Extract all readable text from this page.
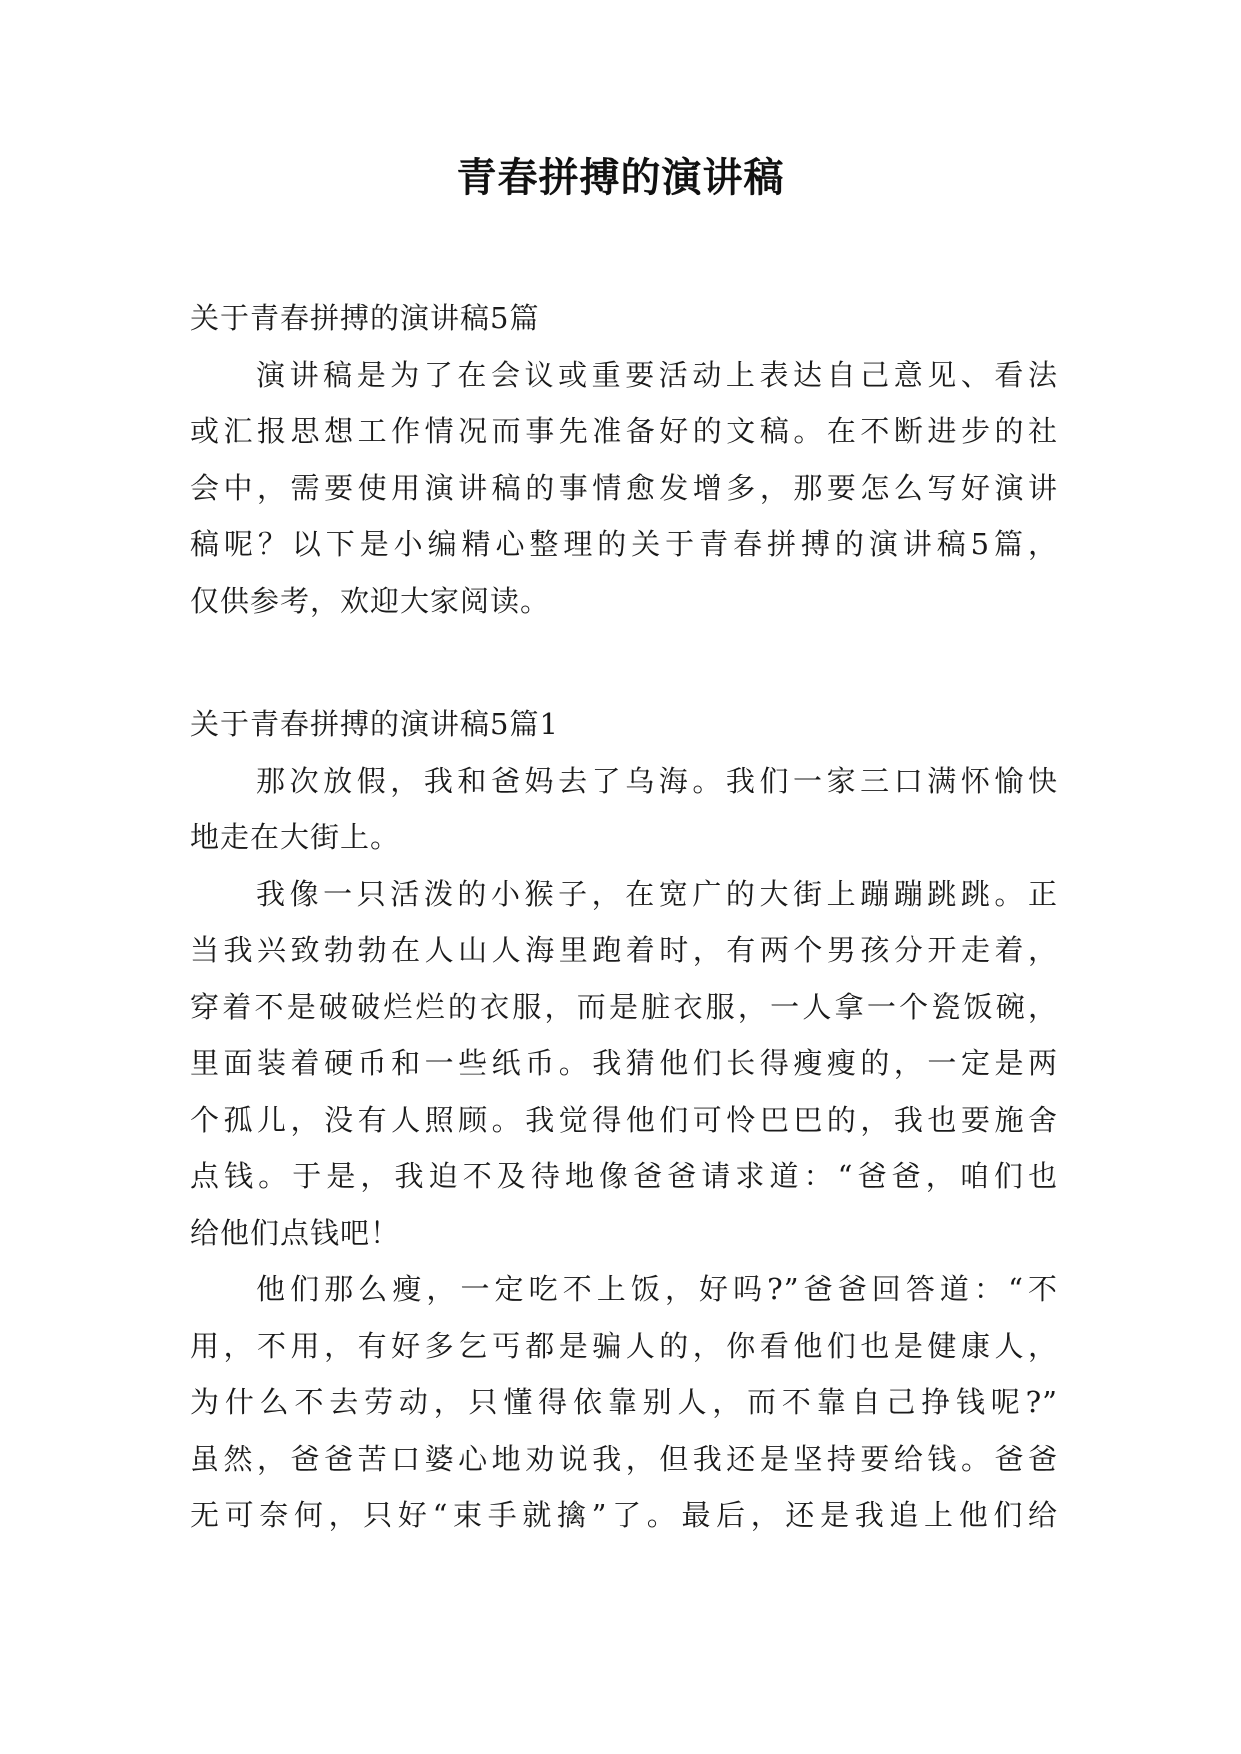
青春拼搏的演讲稿
关于青春拼搏的演讲稿5篇
演讲稿是为了在会议或重要活动上表达自己意见、看法
或汇报思想工作情况而事先准备好的文稿。在不断进步的社
会中，需要使用演讲稿的事情愈发增多，那要怎么写好演讲
稿呢？以下是小编精心整理的关于青春拼搏的演讲稿5篇，
仅供参考，欢迎大家阅读。
关于青春拼搏的演讲稿5篇1
那次放假，我和爸妈去了乌海。我们一家三口满怀愉快
地走在大街上。
我像一只活泼的小猴子，在宽广的大街上蹦蹦跳跳。正
当我兴致勃勃在人山人海里跑着时，有两个男孩分开走着，
穿着不是破破烂烂的衣服，而是脏衣服，一人拿一个瓷饭碗，
里面装着硬币和一些纸币。我猜他们长得瘦瘦的，一定是两
个孤儿，没有人照顾。我觉得他们可怜巴巴的，我也要施舍
点钱。于是，我迫不及待地像爸爸请求道：“爸爸，咱们也
给他们点钱吧！
他们那么瘦，一定吃不上饭，好吗?”爸爸回答道：“不
用，不用，有好多乞丐都是骗人的，你看他们也是健康人，
为什么不去劳动，只懂得依靠别人，而不靠自己挣钱呢?”
虽然，爸爸苦口婆心地劝说我，但我还是坚持要给钱。爸爸
无可奈何，只好“束手就擒”了。最后，还是我追上他们给
